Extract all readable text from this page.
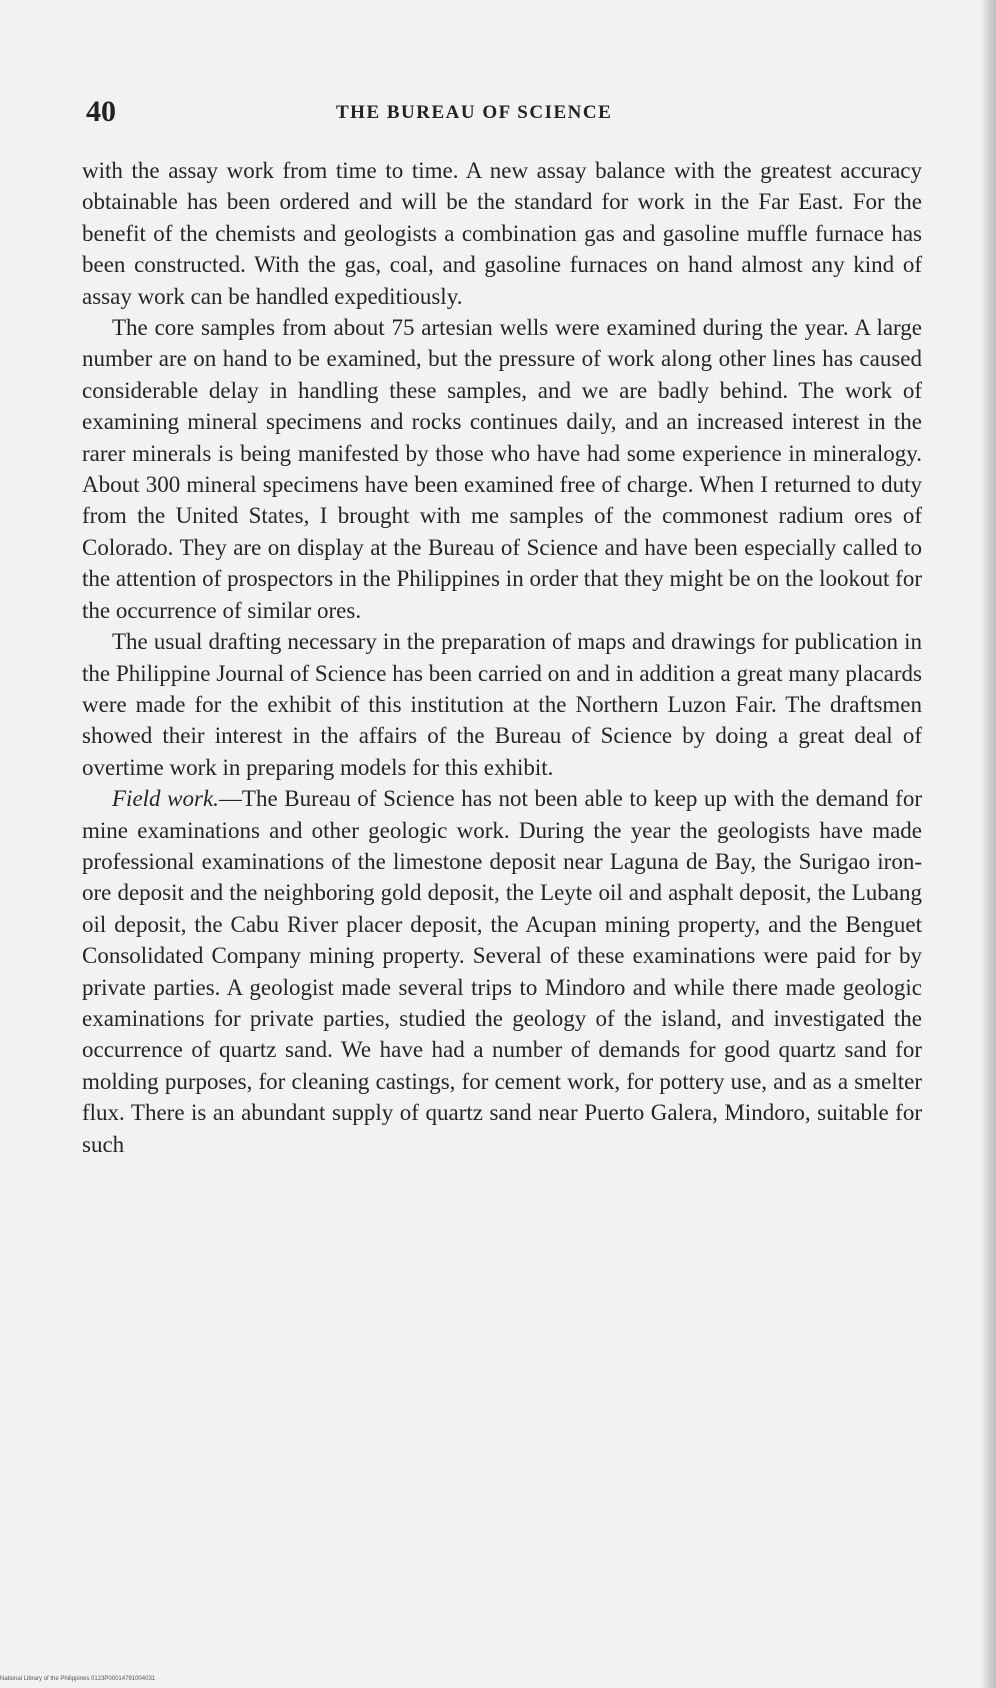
40	THE BUREAU OF SCIENCE

with the assay work from time to time. A new assay balance with the greatest accuracy obtainable has been ordered and will be the standard for work in the Far East. For the benefit of the chemists and geologists a combination gas and gasoline muffle furnace has been constructed. With the gas, coal, and gasoline furnaces on hand almost any kind of assay work can be handled expeditiously.

The core samples from about 75 artesian wells were examined during the year. A large number are on hand to be examined, but the pressure of work along other lines has caused considerable delay in handling these samples, and we are badly behind. The work of examining mineral specimens and rocks continues daily, and an increased interest in the rarer minerals is being manifested by those who have had some experience in mineralogy. About 300 mineral specimens have been examined free of charge. When I returned to duty from the United States, I brought with me samples of the commonest radium ores of Colorado. They are on display at the Bureau of Science and have been especially called to the attention of prospectors in the Philippines in order that they might be on the lookout for the occurrence of similar ores.

The usual drafting necessary in the preparation of maps and drawings for publication in the Philippine Journal of Science has been carried on and in addition a great many placards were made for the exhibit of this institution at the Northern Luzon Fair. The draftsmen showed their interest in the affairs of the Bureau of Science by doing a great deal of overtime work in preparing models for this exhibit.

Field work.—The Bureau of Science has not been able to keep up with the demand for mine examinations and other geologic work. During the year the geologists have made professional examinations of the limestone deposit near Laguna de Bay, the Surigao iron-ore deposit and the neighboring gold deposit, the Leyte oil and asphalt deposit, the Lubang oil deposit, the Cabu River placer deposit, the Acupan mining property, and the Benguet Consolidated Company mining property. Several of these examinations were paid for by private parties. A geologist made several trips to Mindoro and while there made geologic examinations for private parties, studied the geology of the island, and investigated the occurrence of quartz sand. We have had a number of demands for good quartz sand for molding purposes, for cleaning castings, for cement work, for pottery use, and as a smelter flux. There is an abundant supply of quartz sand near Puerto Galera, Mindoro, suitable for such

National Library of the Philippines 0123P00014791004031
